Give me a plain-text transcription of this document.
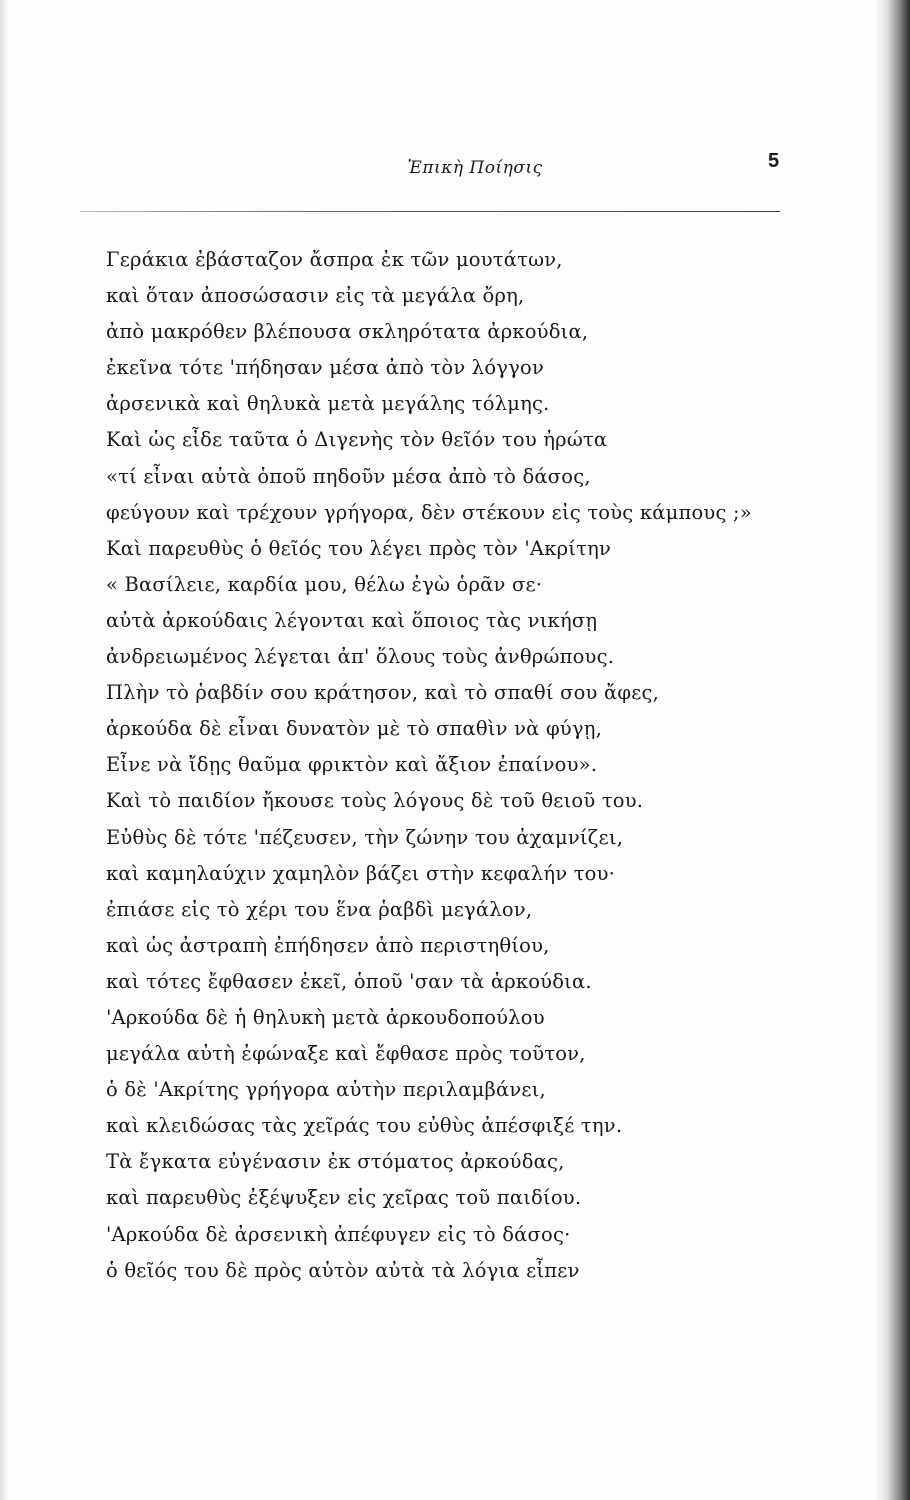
Ἐπικὴ Ποίησις	5
Γεράκια ἐβάσταζον ἄσπρα ἐκ τῶν μουτάτων,
καὶ ὅταν ἀποσώσασιν εἰς τὰ μεγάλα ὄρη,
ἀπὸ μακρόθεν βλέπουσα σκληρότατα ἀρκούδια,
ἐκεῖνα τότε 'πήδησαν μέσα ἀπὸ τὸν λόγγον
ἀρσενικὰ καὶ θηλυκὰ μετὰ μεγάλης τόλμης.
Καὶ ὡς εἶδε ταῦτα ὁ Διγενὴς τὸν θεῖόν του ἠρώτα
«τί εἶναι αὐτὰ ὁποῦ πηδοῦν μέσα ἀπὸ τὸ δάσος,
φεύγουν καὶ τρέχουν γρήγορα, δὲν στέκουν εἰς τοὺς κάμπους ;»
Καὶ παρευθὺς ὁ θεῖός του λέγει πρὸς τὸν 'Ακρίτην
« Βασίλειε, καρδία μου, θέλω ἐγὼ ὁρᾶν σε·
αὐτὰ ἀρκούδαις λέγονται καὶ ὅποιος τὰς νικήσῃ
ἀνδρειωμένος λέγεται ἀπ' ὅλους τοὺς ἀνθρώπους.
Πλὴν τὸ ῥαβδίν σου κράτησον, καὶ τὸ σπαθί σου ἄφες,
ἀρκούδα δὲ εἶναι δυνατὸν μὲ τὸ σπαθὶν νὰ φύγῃ,
Εἶνε νὰ ἴδῃς θαῦμα φρικτὸν καὶ ἄξιον ἐπαίνου».
Καὶ τὸ παιδίον ἤκουσε τοὺς λόγους δὲ τοῦ θειοῦ του.
Εὐθὺς δὲ τότε 'πέζευσεν, τὴν ζώνην του ἀχαμνίζει,
καὶ καμηλαύχιν χαμηλὸν βάζει στὴν κεφαλήν του·
ἐπιάσε εἰς τὸ χέρι του ἕνα ῥαβδὶ μεγάλον,
καὶ ὡς ἀστραπὴ ἐπήδησεν ἀπὸ περιστηθίου,
καὶ τότες ἔφθασεν ἐκεῖ, ὁποῦ 'σαν τὰ ἀρκούδια.
'Αρκούδα δὲ ἡ θηλυκὴ μετὰ ἀρκουδοπούλου
μεγάλα αὐτὴ ἐφώναξε καὶ ἔφθασε πρὸς τοῦτον,
ὁ δὲ 'Ακρίτης γρήγορα αὐτὴν περιλαμβάνει,
καὶ κλειδώσας τὰς χεῖράς του εὐθὺς ἀπέσφιξέ την.
Τὰ ἔγκατα εὐγένασιν ἐκ στόματος ἀρκούδας,
καὶ παρευθὺς ἐξέψυξεν εἰς χεῖρας τοῦ παιδίου.
'Αρκούδα δὲ ἀρσενικὴ ἀπέφυγεν εἰς τὸ δάσος·
ὁ θεῖός του δὲ πρὸς αὐτὸν αὐτὰ τὰ λόγια εἶπεν
